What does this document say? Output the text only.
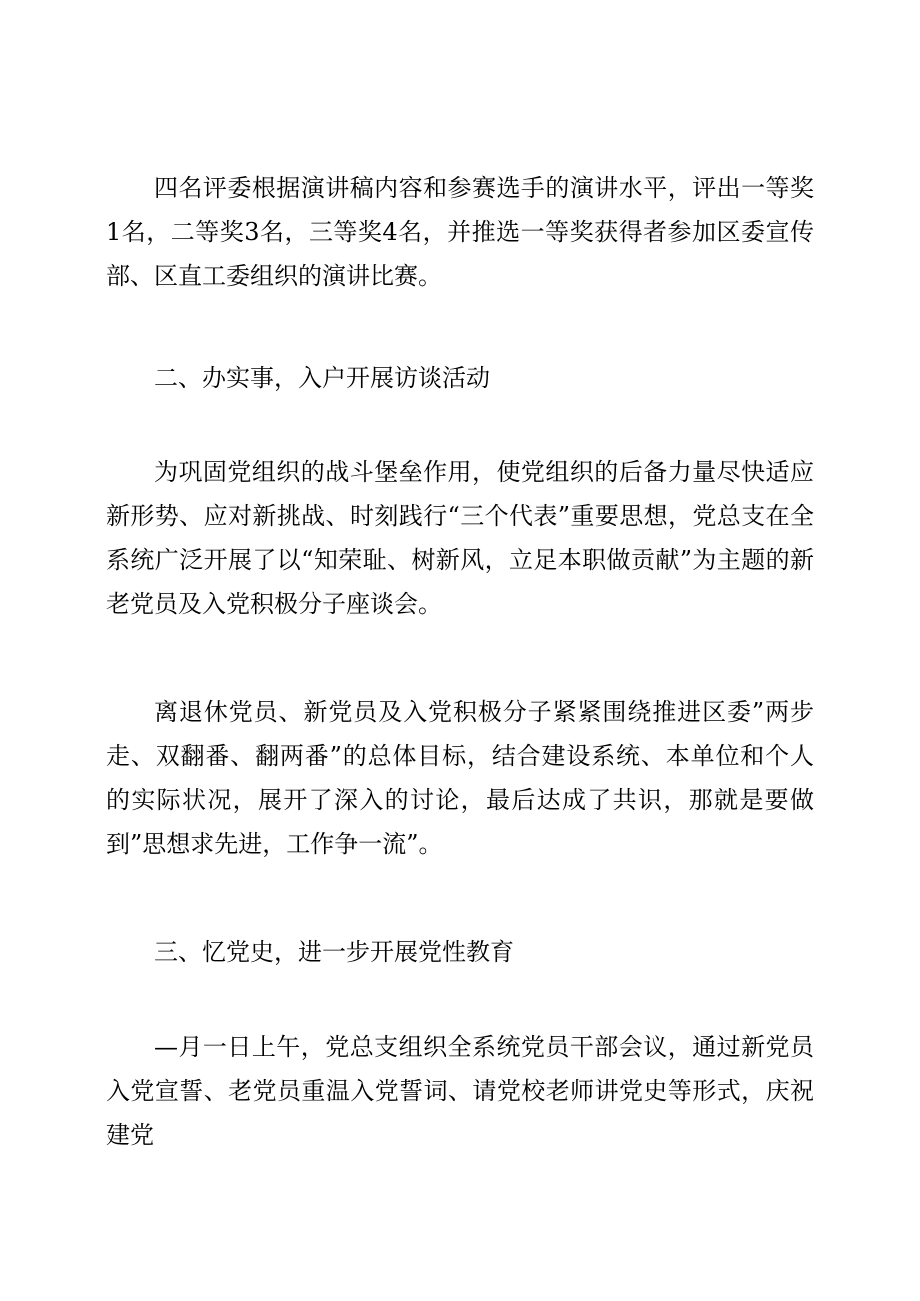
四名评委根据演讲稿内容和参赛选手的演讲水平，评出一等奖1名，二等奖3名，三等奖4名，并推选一等奖获得者参加区委宣传部、区直工委组织的演讲比赛。

二、办实事，入户开展访谈活动

为巩固党组织的战斗堡垒作用，使党组织的后备力量尽快适应新形势、应对新挑战、时刻践行“三个代表”重要思想，党总支在全系统广泛开展了以“知荣耻、树新风，立足本职做贡献”为主题的新老党员及入党积极分子座谈会。

离退休党员、新党员及入党积极分子紧紧围绕推进区委”两步走、双翻番、翻两番”的总体目标，结合建设系统、本单位和个人的实际状况，展开了深入的讨论，最后达成了共识，那就是要做到”思想求先进，工作争一流”。

三、忆党史，进一步开展党性教育

—月一日上午，党总支组织全系统党员干部会议，通过新党员入党宣誓、老党员重温入党誓词、请党校老师讲党史等形式，庆祝建党
